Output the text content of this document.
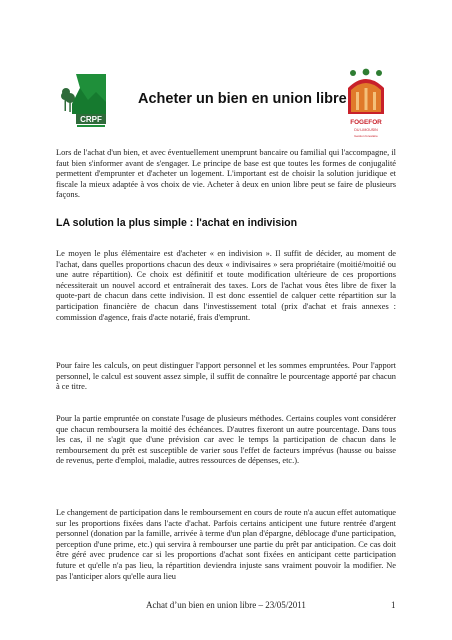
CRPF
Acheter un bien en union libre
FOGEFOR
DU LIMOUSIN
Gestion forestière

Lors de l'achat d'un bien, et avec éventuellement unemprunt bancaire ou familial qui l'accompagne, il faut bien s'informer avant de s'engager. Le principe de base est que toutes les formes de conjugalité permettent d'emprunter et d'acheter un logement. L'important est de choisir la solution juridique et fiscale la mieux adaptée à vos choix de vie. Acheter à deux en union libre peut se faire de plusieurs façons.

LA solution la plus simple : l'achat en indivision

Le moyen le plus élémentaire est d'acheter « en indivision ». Il suffit de décider, au moment de l'achat, dans quelles proportions chacun des deux « indivisaires » sera propriétaire (moitié/moitié ou une autre répartition). Ce choix est définitif et toute modification ultérieure de ces proportions nécessiterait un nouvel accord et entraînerait des taxes. Lors de l'achat vous êtes libre de fixer la quote-part de chacun dans cette indivision. Il est donc essentiel de calquer cette répartition sur la participation financière de chacun dans l'investissement total (prix d'achat et frais annexes : commission d'agence, frais d'acte notarié, frais d'emprunt.

Pour faire les calculs, on peut distinguer l'apport personnel et les sommes empruntées. Pour l'apport personnel, le calcul est souvent assez simple, il suffit de connaître le pourcentage apporté par chacun à ce titre.

Pour la partie empruntée on constate l'usage de plusieurs méthodes. Certains couples vont considérer que chacun remboursera la moitié des échéances. D'autres fixeront un autre pourcentage. Dans tous les cas, il ne s'agit que d'une prévision car avec le temps la participation de chacun dans le remboursement du prêt est susceptible de varier sous l'effet de facteurs imprévus (hausse ou baisse de revenus, perte d'emploi, maladie, autres ressources de dépenses, etc.).

Le changement de participation dans le remboursement en cours de route n'a aucun effet automatique sur les proportions fixées dans l'acte d'achat. Parfois certains anticipent une future rentrée d'argent personnel (donation par la famille, arrivée à terme d'un plan d'épargne, déblocage d'une participation, perception d'une prime, etc.) qui servira à rembourser une partie du prêt par anticipation. Ce cas doit être géré avec prudence car si les proportions d'achat sont fixées en anticipant cette participation future et qu'elle n'a pas lieu, la répartition deviendra injuste sans vraiment pouvoir la modifier. Ne pas l'anticiper alors qu'elle aura lieu

Achat d’un bien en union libre – 23/05/2011	1
